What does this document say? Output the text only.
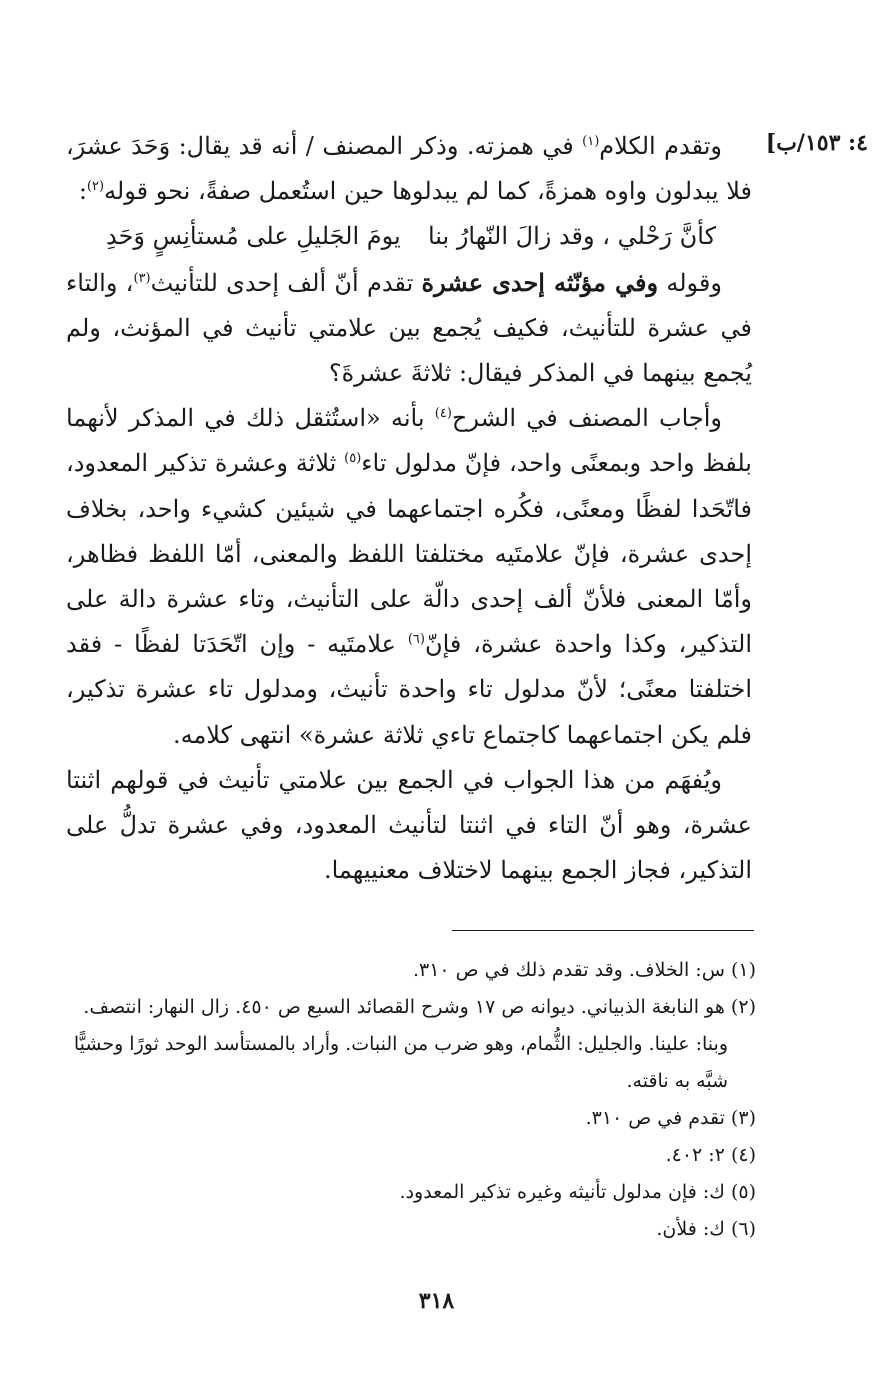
٤: ١٥٣/ب]

وتقدم الكلام$^{(١)}$ في همزته. وذكر المصنف / أنه قد يقال: وَحَدَ عشرَ، فلا يبدلون واوه همزةً، كما لم يبدلوها حين استُعمل صفةً، نحو قوله$^{(٢)}$:

كأنَّ رَحْلي ، وقد زالَ النّهارُ بنا
يومَ الجَليلِ على مُستأنِسٍ وَحَدِ

وقوله وفي مؤنّثه إحدى عشرة تقدم أنّ ألف إحدى للتأنيث$^{(٣)}$، والتاء في عشرة للتأنيث، فكيف يُجمع بين علامتي تأنيث في المؤنث، ولم يُجمع بينهما في المذكر فيقال: ثلاثةَ عشرةَ؟

وأجاب المصنف في الشرح$^{(٤)}$ بأنه «استُثقل ذلك في المذكر لأنهما بلفظ واحد وبمعنًى واحد، فإنّ مدلول تاء$^{(٥)}$ ثلاثة وعشرة تذكير المعدود، فاتّحَدا لفظًا ومعنًى، فكُره اجتماعهما في شيئين كشيء واحد، بخلاف إحدى عشرة، فإنّ علامتَيه مختلفتا اللفظ والمعنى، أمّا اللفظ فظاهر، وأمّا المعنى فلأنّ ألف إحدى دالّة على التأنيث، وتاء عشرة دالة على التذكير، وكذا واحدة عشرة، فإنّ$^{(٦)}$ علامتَيه - وإن اتّحَدَتا لفظًا - فقد اختلفتا معنًى؛ لأنّ مدلول تاء واحدة تأنيث، ومدلول تاء عشرة تذكير، فلم يكن اجتماعهما كاجتماع تاءي ثلاثة عشرة» انتهى كلامه.

ويُفهَم من هذا الجواب في الجمع بين علامتي تأنيث في قولهم اثنتا عشرة، وهو أنّ التاء في اثنتا لتأنيث المعدود، وفي عشرة تدلُّ على التذكير، فجاز الجمع بينهما لاختلاف معنييهما.

(١) س: الخلاف. وقد تقدم ذلك في ص ٣١٠.

(٢) هو النابغة الذبياني. ديوانه ص ١٧ وشرح القصائد السبع ص ٤٥٠. زال النهار: انتصف.
وبنا: علينا. والجليل: الثُّمام، وهو ضرب من النبات. وأراد بالمستأسد الوحد ثورًا وحشيًّا شبَّه به ناقته.

(٣) تقدم في ص ٣١٠.

(٤) ٢: ٤٠٢.

(٥) ك: فإن مدلول تأنيثه وغيره تذكير المعدود.

(٦) ك: فلأن.

٣١٨
